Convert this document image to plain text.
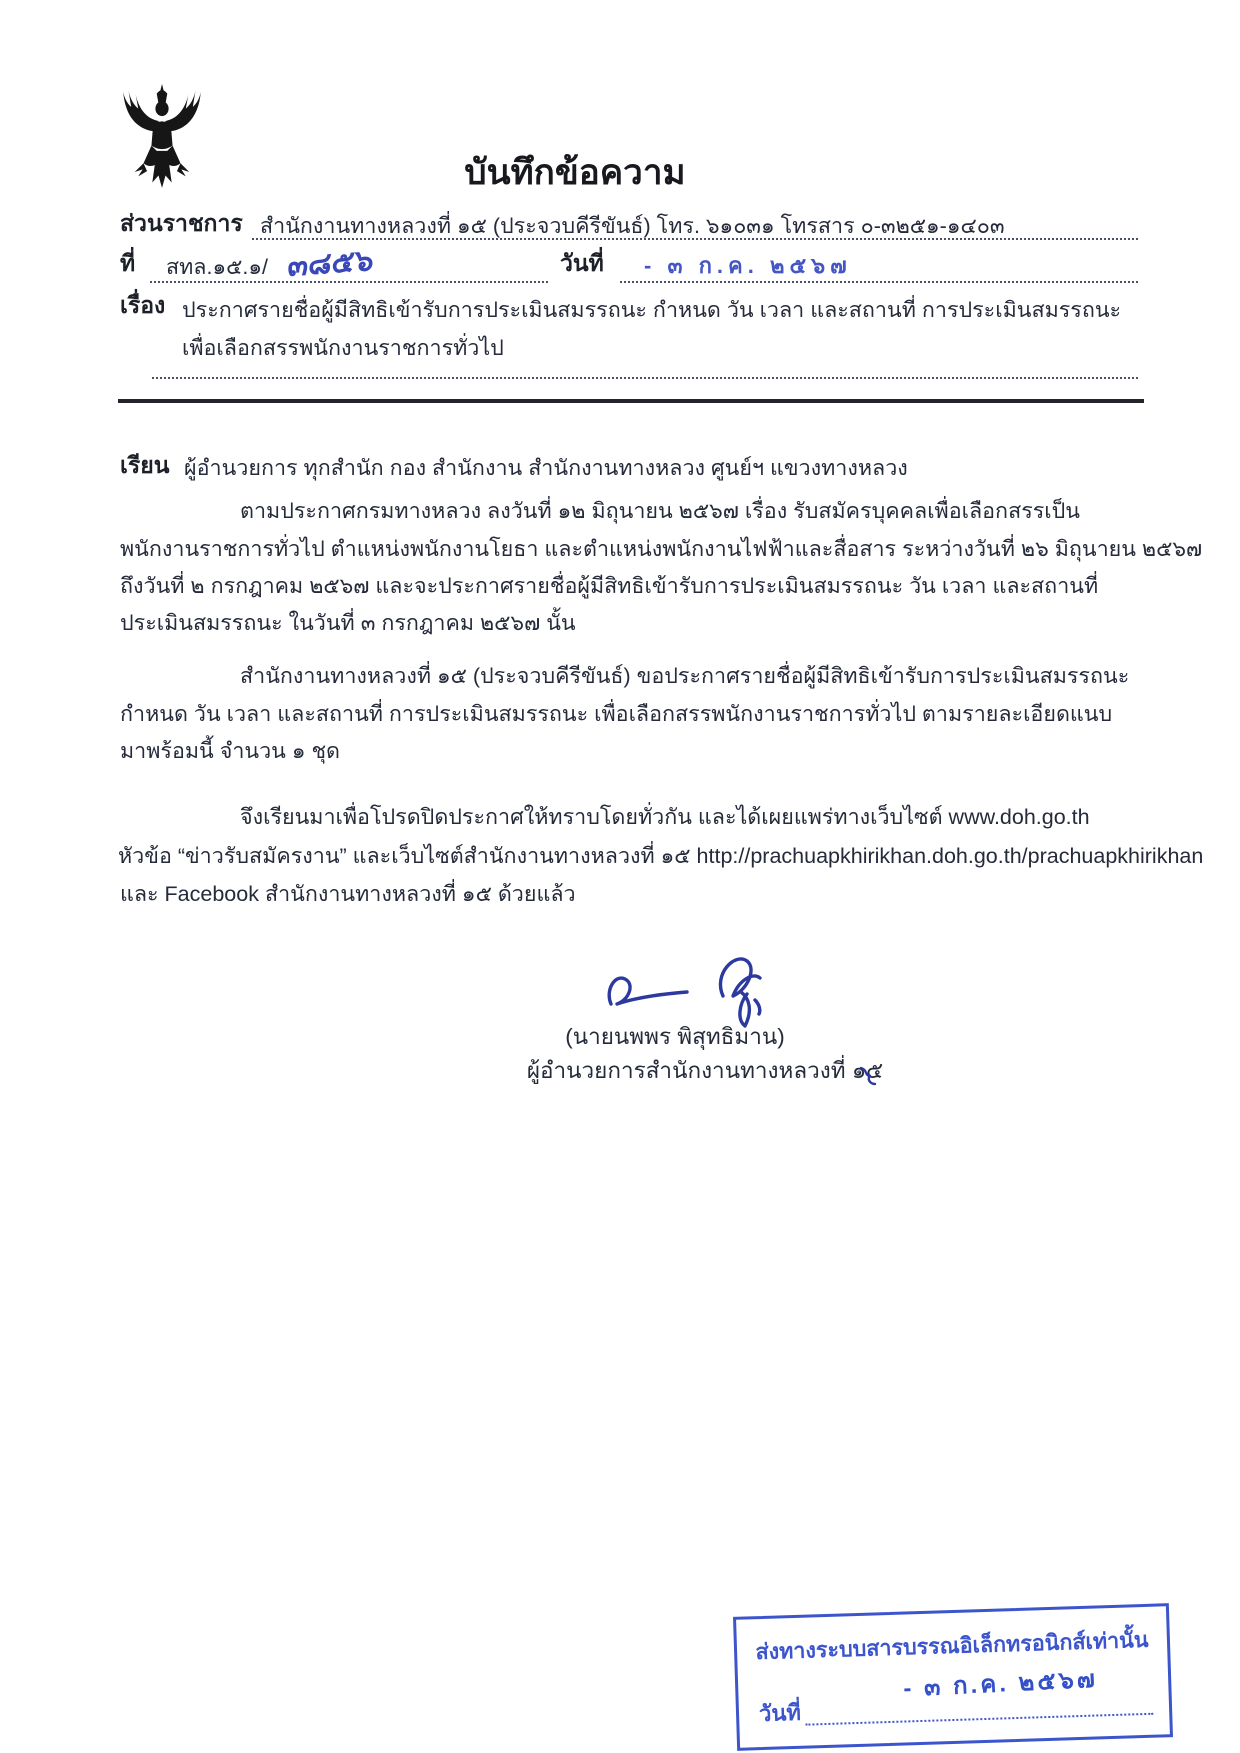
บันทึกข้อความ
ส่วนราชการ สำนักงานทางหลวงที่ ๑๕ (ประจวบคีรีขันธ์) โทร. ๖๑๐๓๑ โทรสาร ๐-๓๒๕๑-๑๔๐๓
ที่ สทล.๑๕.๑/ ๓๘๕๖	วันที่ - ๓ ก.ค. ๒๕๖๗
เรื่อง ประกาศรายชื่อผู้มีสิทธิเข้ารับการประเมินสมรรถนะ กำหนด วัน เวลา และสถานที่ การประเมินสมรรถนะ
เพื่อเลือกสรรพนักงานราชการทั่วไป
เรียน ผู้อำนวยการ ทุกสำนัก กอง สำนักงาน สำนักงานทางหลวง ศูนย์ฯ แขวงทางหลวง
ตามประกาศกรมทางหลวง ลงวันที่ ๑๒ มิถุนายน ๒๕๖๗ เรื่อง รับสมัครบุคคลเพื่อเลือกสรรเป็น
พนักงานราชการทั่วไป ตำแหน่งพนักงานโยธา และตำแหน่งพนักงานไฟฟ้าและสื่อสาร ระหว่างวันที่ ๒๖ มิถุนายน ๒๕๖๗
ถึงวันที่ ๒ กรกฎาคม ๒๕๖๗ และจะประกาศรายชื่อผู้มีสิทธิเข้ารับการประเมินสมรรถนะ วัน เวลา และสถานที่
ประเมินสมรรถนะ ในวันที่ ๓ กรกฎาคม ๒๕๖๗ นั้น
สำนักงานทางหลวงที่ ๑๕ (ประจวบคีรีขันธ์) ขอประกาศรายชื่อผู้มีสิทธิเข้ารับการประเมินสมรรถนะ
กำหนด วัน เวลา และสถานที่ การประเมินสมรรถนะ เพื่อเลือกสรรพนักงานราชการทั่วไป ตามรายละเอียดแนบ
มาพร้อมนี้ จำนวน ๑ ชุด
จึงเรียนมาเพื่อโปรดปิดประกาศให้ทราบโดยทั่วกัน และได้เผยแพร่ทางเว็บไซต์ www.doh.go.th
หัวข้อ “ข่าวรับสมัครงาน” และเว็บไซต์สำนักงานทางหลวงที่ ๑๕ http://prachuapkhirikhan.doh.go.th/prachuapkhirikhan
และ Facebook สำนักงานทางหลวงที่ ๑๕ ด้วยแล้ว
(นายนพพร พิสุทธิมาน)
ผู้อำนวยการสำนักงานทางหลวงที่ ๑๕
ส่งทางระบบสารบรรณอิเล็กทรอนิกส์เท่านั้น
วันที่
- ๓ ก.ค. ๒๕๖๗
